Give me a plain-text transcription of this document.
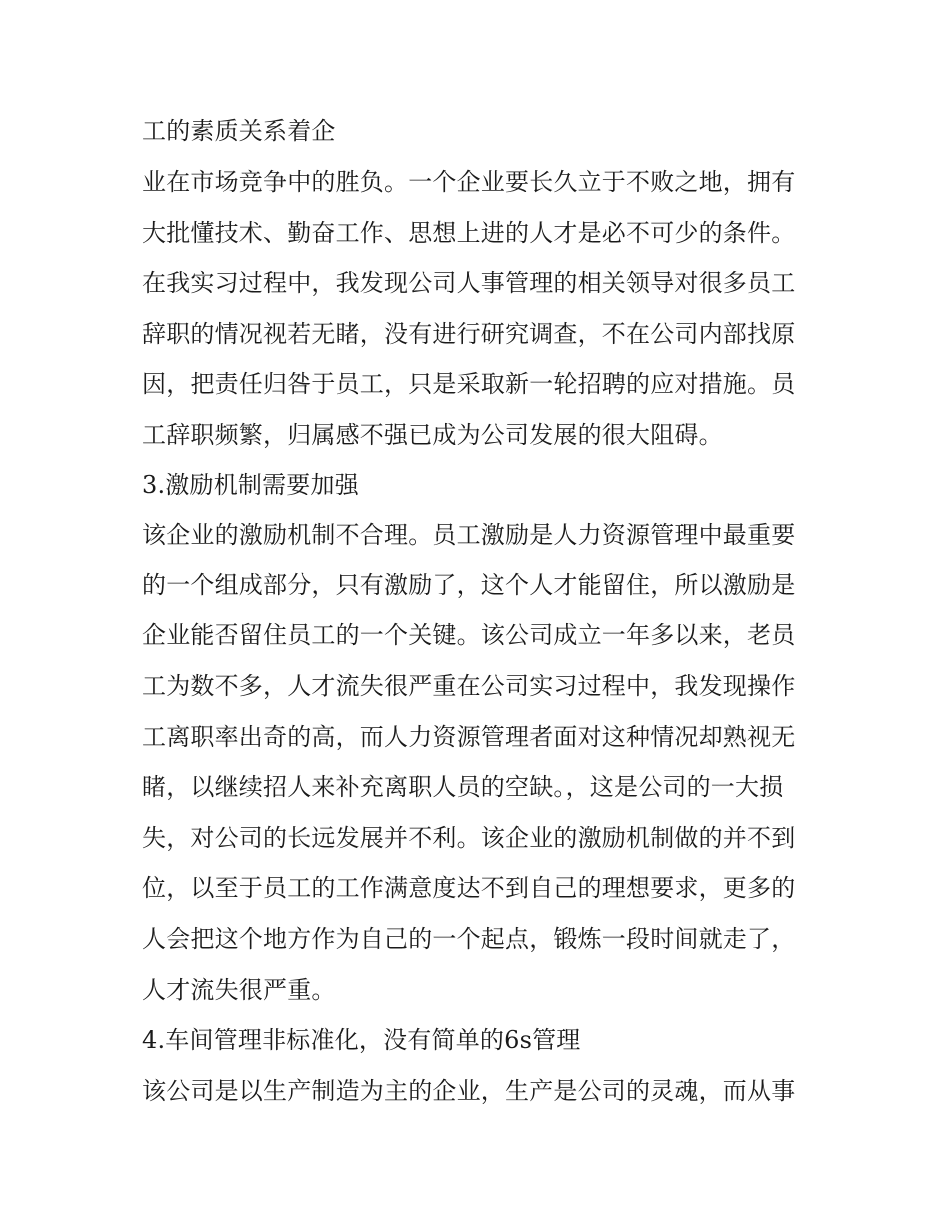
工的素质关系着企
业在市场竞争中的胜负。一个企业要长久立于不败之地，拥有
大批懂技术、勤奋工作、思想上进的人才是必不可少的条件。
在我实习过程中，我发现公司人事管理的相关领导对很多员工
辞职的情况视若无睹，没有进行研究调查，不在公司内部找原
因，把责任归咎于员工，只是采取新一轮招聘的应对措施。员
工辞职频繁，归属感不强已成为公司发展的很大阻碍。
3.激励机制需要加强
该企业的激励机制不合理。员工激励是人力资源管理中最重要
的一个组成部分，只有激励了，这个人才能留住，所以激励是
企业能否留住员工的一个关键。该公司成立一年多以来，老员
工为数不多，人才流失很严重在公司实习过程中，我发现操作
工离职率出奇的高，而人力资源管理者面对这种情况却熟视无
睹，以继续招人来补充离职人员的空缺。，这是公司的一大损
失，对公司的长远发展并不利。该企业的激励机制做的并不到
位，以至于员工的工作满意度达不到自己的理想要求，更多的
人会把这个地方作为自己的一个起点，锻炼一段时间就走了，
人才流失很严重。
4.车间管理非标准化，没有简单的6s管理
该公司是以生产制造为主的企业，生产是公司的灵魂，而从事
